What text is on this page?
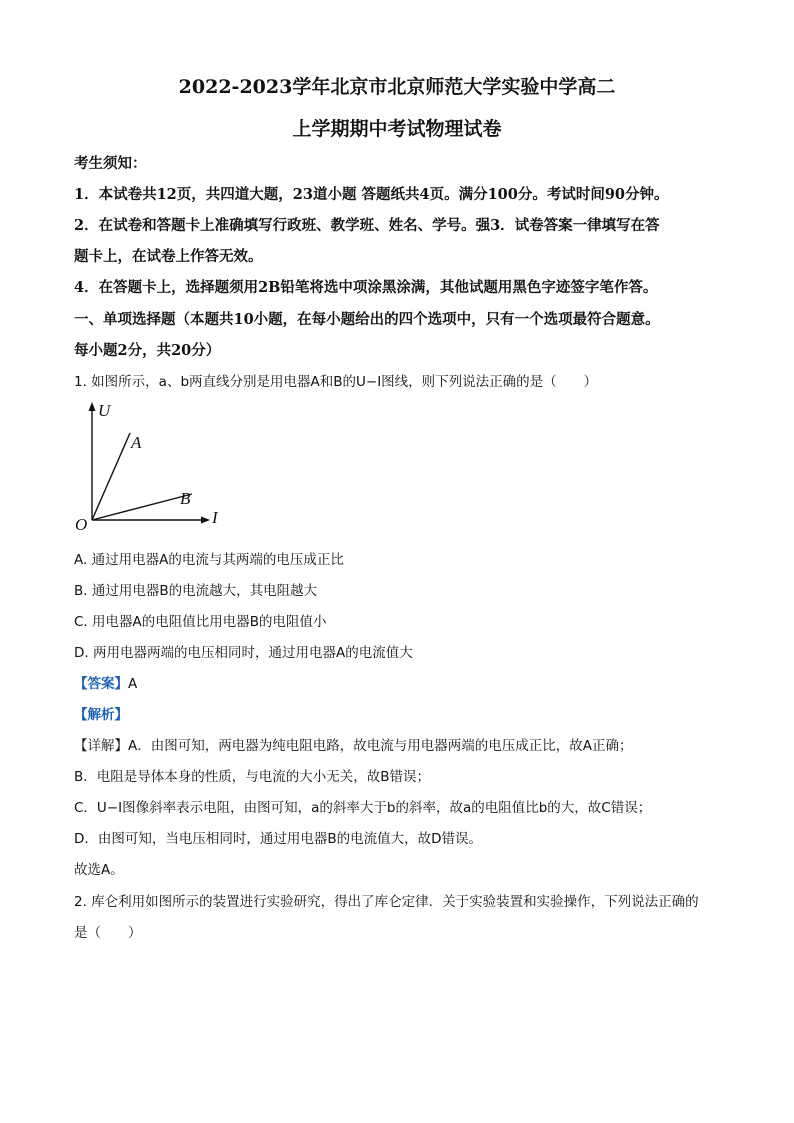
2022-2023学年北京市北京师范大学实验中学高二
上学期期中考试物理试卷
考生须知：
1．本试卷共12页，共四道大题，23道小题 答题纸共4页。满分100分。考试时间90分钟。
2．在试卷和答题卡上准确填写行政班、教学班、姓名、学号。强3．试卷答案一律填写在答
题卡上，在试卷上作答无效。
4．在答题卡上，选择题须用2B铅笔将选中项涂黑涂满，其他试题用黑色字迹签字笔作答。
一、单项选择题（本题共10小题，在每小题给出的四个选项中，只有一个选项最符合题意。
每小题2分，共20分）
1. 如图所示，a、b两直线分别是用电器A和B的U−I图线，则下列说法正确的是（　　）
U
I
O
A
B
A. 通过用电器A的电流与其两端的电压成正比
B. 通过用电器B的电流越大，其电阻越大
C. 用电器A的电阻值比用电器B的电阻值小
D. 两用电器两端的电压相同时，通过用电器A的电流值大
【答案】A
【解析】
【详解】A．由图可知，两电器为纯电阻电路，故电流与用电器两端的电压成正比，故A正确；
B．电阻是导体本身的性质，与电流的大小无关，故B错误；
C．U−I图像斜率表示电阻，由图可知，a的斜率大于b的斜率，故a的电阻值比b的大，故C错误；
D．由图可知，当电压相同时，通过用电器B的电流值大，故D错误。
故选A。
2. 库仑利用如图所示的装置进行实验研究，得出了库仑定律．关于实验装置和实验操作，下列说法正确的
是（　　）
